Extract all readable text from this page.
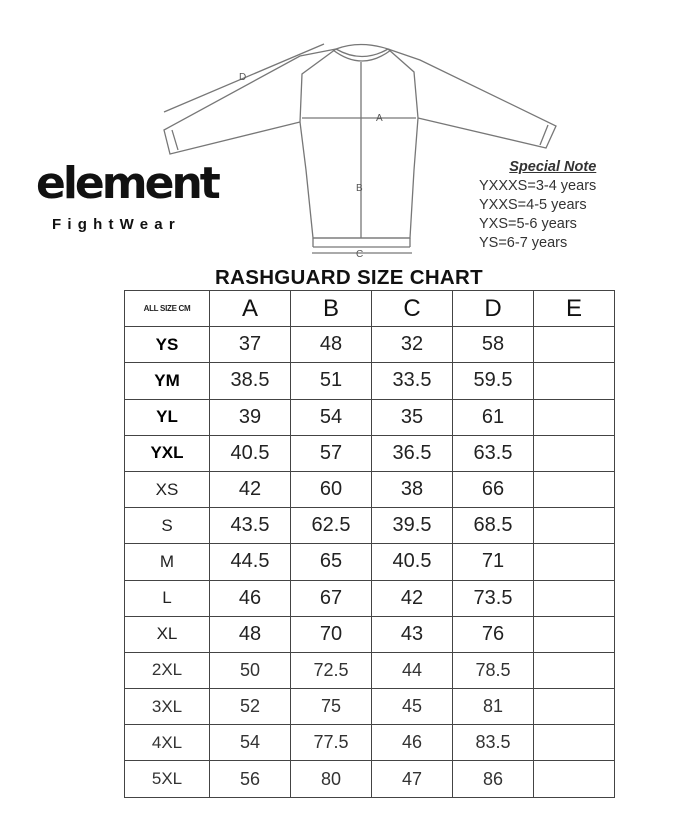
A
B
C
D
element
FightWear
Special Note
YXXXS=3-4 years
YXXS=4-5 years
YXS=5-6 years
YS=6-7 years
RASHGUARD SIZE CHART
ALL SIZE CM	A	B	C	D	E
YS	37	48	32	58	
YM	38.5	51	33.5	59.5	
YL	39	54	35	61	
YXL	40.5	57	36.5	63.5	
XS	42	60	38	66	
S	43.5	62.5	39.5	68.5	
M	44.5	65	40.5	71	
L	46	67	42	73.5	
XL	48	70	43	76	
2XL	50	72.5	44	78.5	
3XL	52	75	45	81	
4XL	54	77.5	46	83.5	
5XL	56	80	47	86	
